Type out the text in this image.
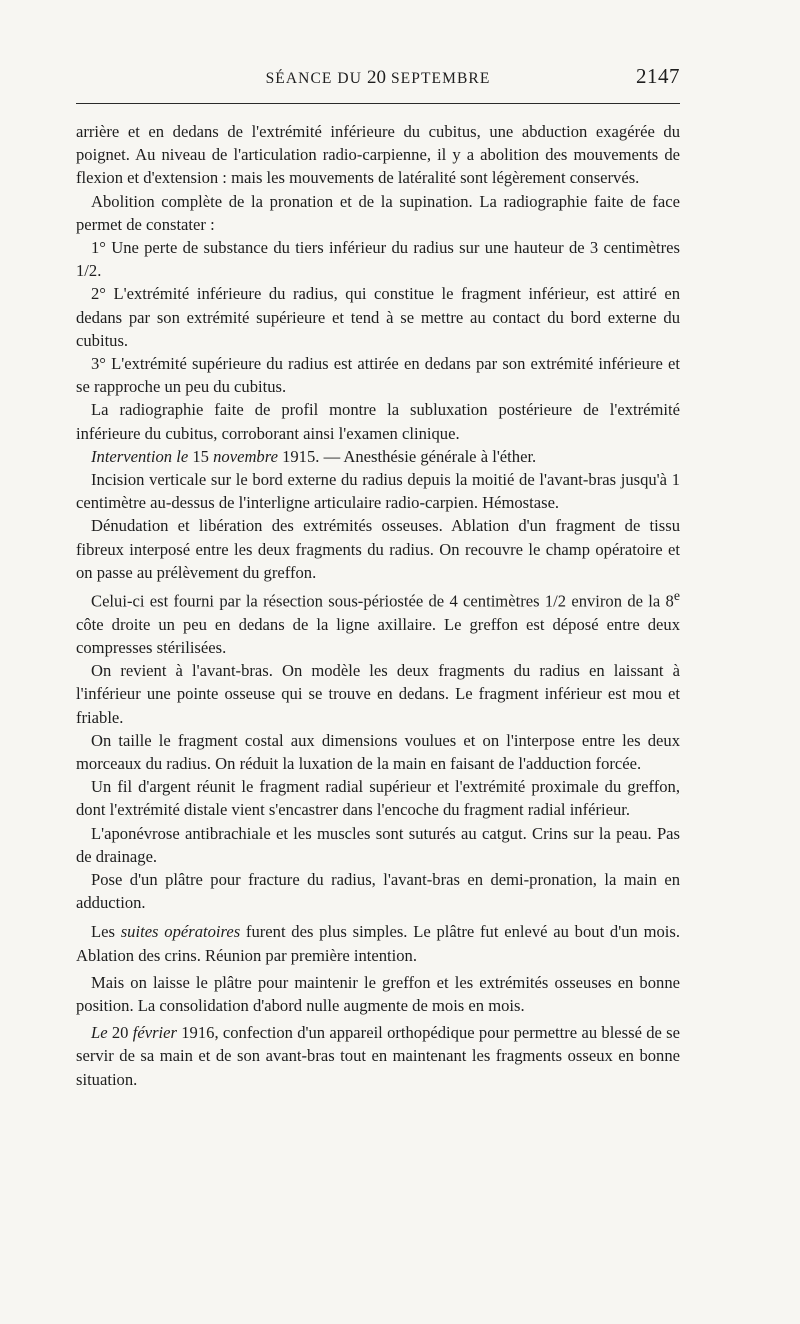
SÉANCE DU 20 SEPTEMBRE	2147

arrière et en dedans de l'extrémité inférieure du cubitus, une abduction exagérée du poignet. Au niveau de l'articulation radio-carpienne, il y a abolition des mouvements de flexion et d'extension : mais les mouvements de latéralité sont légèrement conservés.

Abolition complète de la pronation et de la supination. La radiographie faite de face permet de constater :

1° Une perte de substance du tiers inférieur du radius sur une hauteur de 3 centimètres 1/2.

2° L'extrémité inférieure du radius, qui constitue le fragment inférieur, est attiré en dedans par son extrémité supérieure et tend à se mettre au contact du bord externe du cubitus.

3° L'extrémité supérieure du radius est attirée en dedans par son extrémité inférieure et se rapproche un peu du cubitus.

La radiographie faite de profil montre la subluxation postérieure de l'extrémité inférieure du cubitus, corroborant ainsi l'examen clinique.

Intervention le 15 novembre 1915. — Anesthésie générale à l'éther.

Incision verticale sur le bord externe du radius depuis la moitié de l'avant-bras jusqu'à 1 centimètre au-dessus de l'interligne articulaire radio-carpien. Hémostase.

Dénudation et libération des extrémités osseuses. Ablation d'un fragment de tissu fibreux interposé entre les deux fragments du radius. On recouvre le champ opératoire et on passe au prélèvement du greffon.

Celui-ci est fourni par la résection sous-périostée de 4 centimètres 1/2 environ de la 8e côte droite un peu en dedans de la ligne axillaire. Le greffon est déposé entre deux compresses stérilisées.

On revient à l'avant-bras. On modèle les deux fragments du radius en laissant à l'inférieur une pointe osseuse qui se trouve en dedans. Le fragment inférieur est mou et friable.

On taille le fragment costal aux dimensions voulues et on l'interpose entre les deux morceaux du radius. On réduit la luxation de la main en faisant de l'adduction forcée.

Un fil d'argent réunit le fragment radial supérieur et l'extrémité proximale du greffon, dont l'extrémité distale vient s'encastrer dans l'encoche du fragment radial inférieur.

L'aponévrose antibrachiale et les muscles sont suturés au catgut. Crins sur la peau. Pas de drainage.

Pose d'un plâtre pour fracture du radius, l'avant-bras en demi-pronation, la main en adduction.

Les suites opératoires furent des plus simples. Le plâtre fut enlevé au bout d'un mois. Ablation des crins. Réunion par première intention.

Mais on laisse le plâtre pour maintenir le greffon et les extrémités osseuses en bonne position. La consolidation d'abord nulle augmente de mois en mois.

Le 20 février 1916, confection d'un appareil orthopédique pour permettre au blessé de se servir de sa main et de son avant-bras tout en maintenant les fragments osseux en bonne situation.
